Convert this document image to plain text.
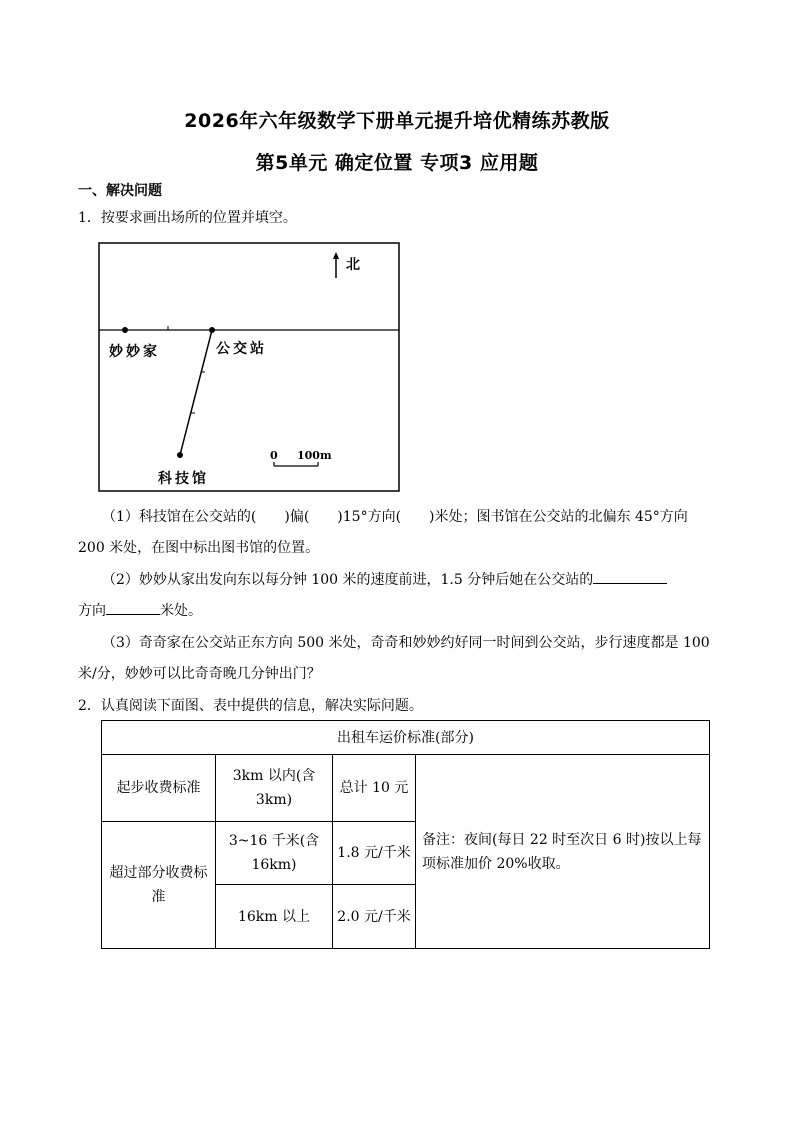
2026年六年级数学下册单元提升培优精练苏教版
第5单元 确定位置 专项3 应用题
一、解决问题
1．按要求画出场所的位置并填空。
北
妙妙家	公交站
科技馆
0 100m
（1）科技馆在公交站的(　　)偏(　　)15°方向(　　)米处；图书馆在公交站的北偏东 45°方向 200 米处，在图中标出图书馆的位置。
（2）妙妙从家出发向东以每分钟 100 米的速度前进，1.5 分钟后她在公交站的
方向	米处。
（3）奇奇家在公交站正东方向 500 米处，奇奇和妙妙约好同一时间到公交站，步行速度都是 100 米/分，妙妙可以比奇奇晚几分钟出门？
2．认真阅读下面图、表中提供的信息，解决实际问题。
出租车运价标准(部分)			
起步收费标准	3km 以内(含 3km)	总计 10 元	备注：夜间(每日 22 时至次日 6 时)按以上每项标准加价 20%收取。
超过部分收费标准	3~16 千米(含 16km)	1.8 元/千米	
	16km 以上	2.0 元/千米	
